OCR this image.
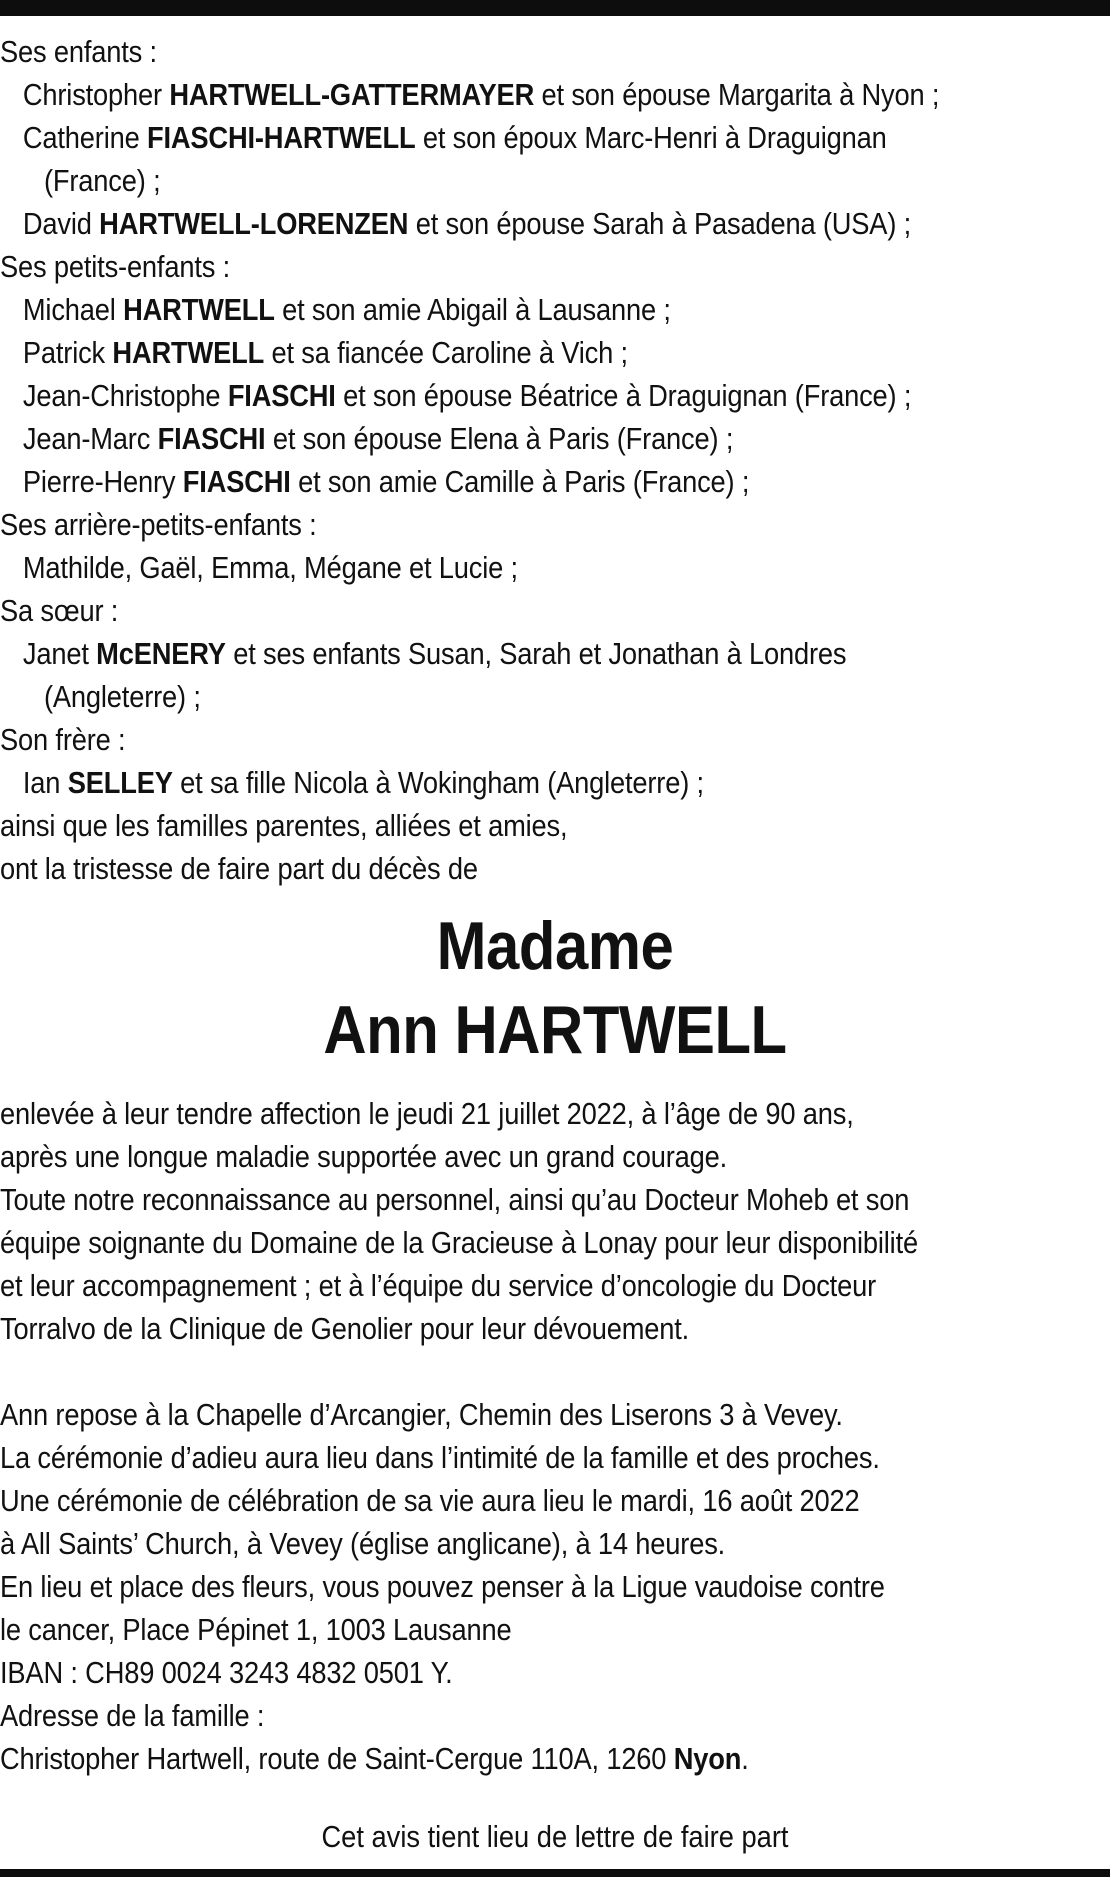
Ses enfants :
Christopher HARTWELL-GATTERMAYER et son épouse Margarita à Nyon ;
Catherine FIASCHI-HARTWELL et son époux Marc-Henri à Draguignan
(France) ;
David HARTWELL-LORENZEN et son épouse Sarah à Pasadena (USA) ;
Ses petits-enfants :
Michael HARTWELL et son amie Abigail à Lausanne ;
Patrick HARTWELL et sa fiancée Caroline à Vich ;
Jean-Christophe FIASCHI et son épouse Béatrice à Draguignan (France) ;
Jean-Marc FIASCHI et son épouse Elena à Paris (France) ;
Pierre-Henry FIASCHI et son amie Camille à Paris (France) ;
Ses arrière-petits-enfants :
Mathilde, Gaël, Emma, Mégane et Lucie ;
Sa sœur :
Janet McENERY et ses enfants Susan, Sarah et Jonathan à Londres
(Angleterre) ;
Son frère :
Ian SELLEY et sa fille Nicola à Wokingham (Angleterre) ;
ainsi que les familles parentes, alliées et amies,
ont la tristesse de faire part du décès de
Madame
Ann HARTWELL
enlevée à leur tendre affection le jeudi 21 juillet 2022, à l’âge de 90 ans,
après une longue maladie supportée avec un grand courage.
Toute notre reconnaissance au personnel, ainsi qu’au Docteur Moheb et son
équipe soignante du Domaine de la Gracieuse à Lonay pour leur disponibilité
et leur accompagnement ; et à l’équipe du service d’oncologie du Docteur
Torralvo de la Clinique de Genolier pour leur dévouement.
Ann repose à la Chapelle d’Arcangier, Chemin des Liserons 3 à Vevey.
La cérémonie d’adieu aura lieu dans l’intimité de la famille et des proches.
Une cérémonie de célébration de sa vie aura lieu le mardi, 16 août 2022
à All Saints’ Church, à Vevey (église anglicane), à 14 heures.
En lieu et place des fleurs, vous pouvez penser à la Ligue vaudoise contre
le cancer, Place Pépinet 1, 1003 Lausanne
IBAN : CH89 0024 3243 4832 0501 Y.
Adresse de la famille :
Christopher Hartwell, route de Saint-Cergue 110A, 1260 Nyon.
Cet avis tient lieu de lettre de faire part
